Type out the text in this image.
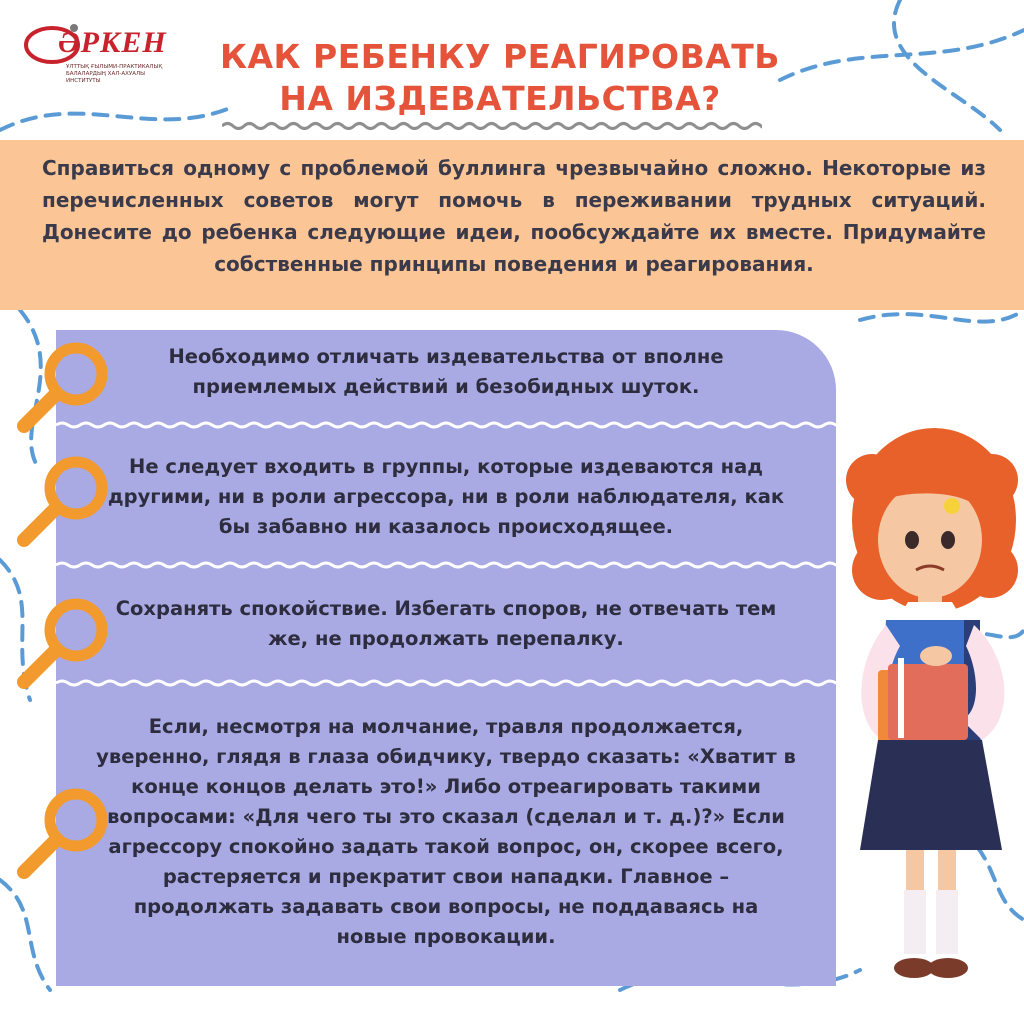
ӘРКЕН
ҰЛТТЫҚ ҒЫЛЫМИ-ПРАКТИКАЛЫҚ БАЛАЛАРДЫҢ ХАЛ-АХУАЛЫ ИНСТИТУТЫ
КАК РЕБЕНКУ РЕАГИРОВАТЬ
НА ИЗДЕВАТЕЛЬСТВА?
Справиться одному с проблемой буллинга чрезвычайно сложно. Некоторые из перечисленных советов могут помочь в переживании трудных ситуаций. Донесите до ребенка следующие идеи, пообсуждайте их вместе. Придумайте собственные принципы поведения и реагирования.
Необходимо отличать издевательства от вполне приемлемых действий и безобидных шуток.
Не следует входить в группы, которые издеваются над другими, ни в роли агрессора, ни в роли наблюдателя, как бы забавно ни казалось происходящее.
Сохранять спокойствие. Избегать споров, не отвечать тем же, не продолжать перепалку.
Если, несмотря на молчание, травля продолжается, уверенно, глядя в глаза обидчику, твердо сказать: «Хватит в конце концов делать это!» Либо отреагировать такими вопросами: «Для чего ты это сказал (сделал и т. д.)?» Если агрессору спокойно задать такой вопрос, он, скорее всего, растеряется и прекратит свои нападки. Главное – продолжать задавать свои вопросы, не поддаваясь на новые провокации.
